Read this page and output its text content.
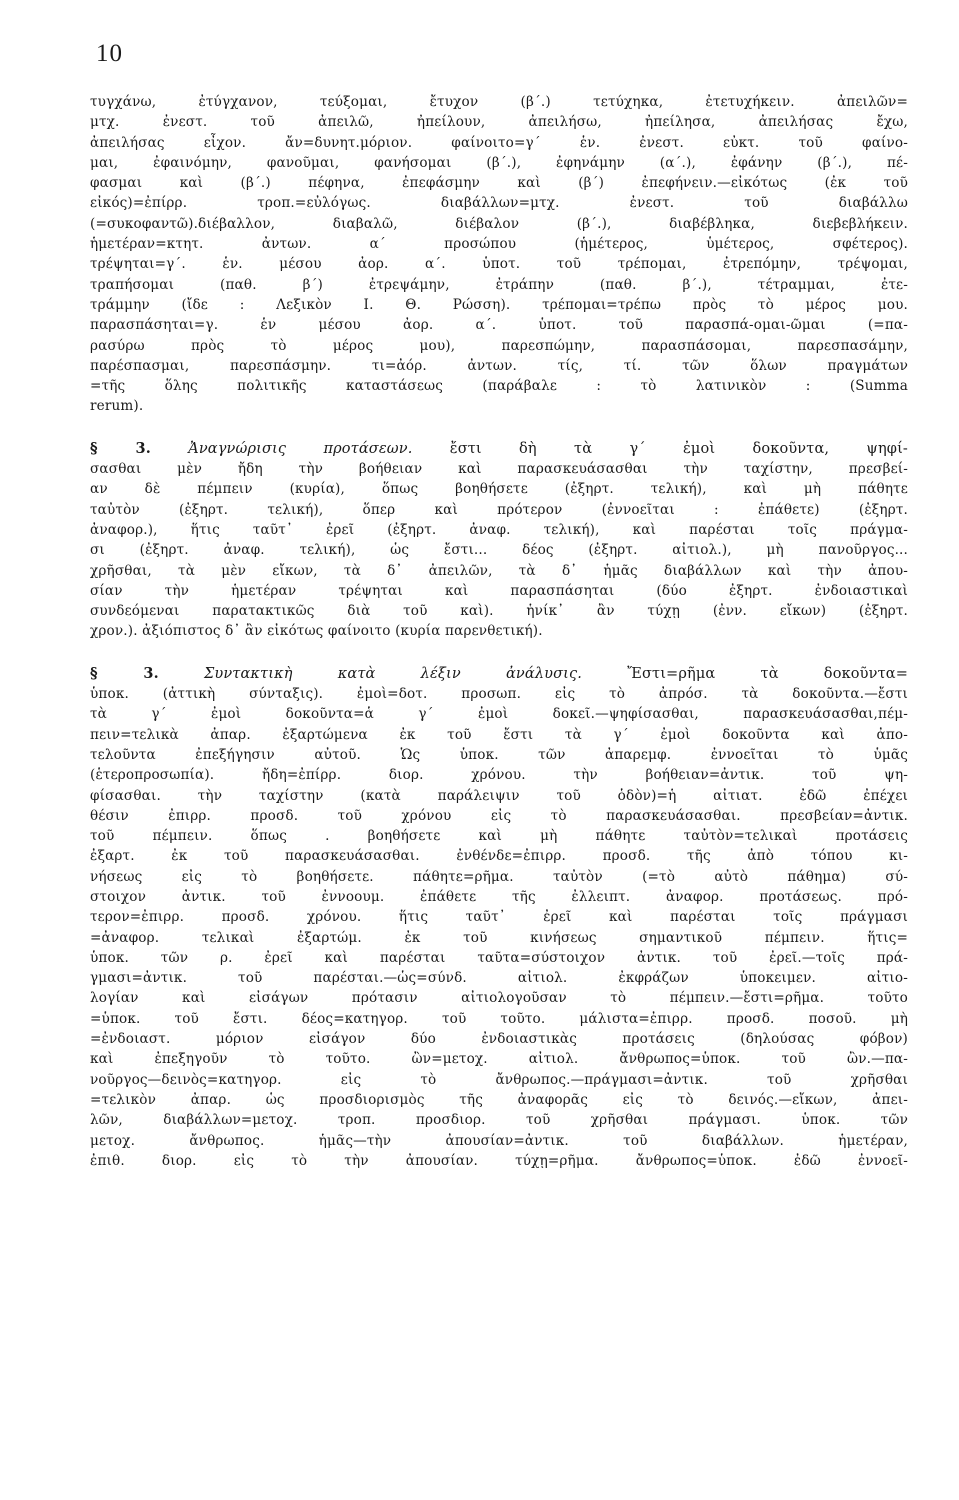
10
τυγχάνω, ἐτύγχανον, τεύξομαι, ἔτυχον (β΄.) τετύχηκα, ἐτετυχήκειν. ἀπειλῶν=
μτχ. ἐνεστ. τοῦ ἀπειλῶ, ἠπείλουν, ἀπειλήσω, ἠπείλησα, ἀπειλήσας ἔχω,
ἀπειλήσας εἶχον. ἄν=δυνητ.μόριον. φαίνοιτο=γ΄ ἑν. ἐνεστ. εὐκτ. τοῦ φαίνο-
μαι, ἐφαινόμην, φανοῦμαι, φανήσομαι (β΄.), ἐφηνάμην (α΄.), ἐφάνην (β΄.), πέ-
φασμαι καὶ (β΄.) πέφηνα, ἐπεφάσμην καὶ (β΄) ἐπεφήνειν.—εἰκότως (ἐκ τοῦ
εἰκός)=ἐπίρρ. τροπ.=εὐλόγως. διαβάλλων=μτχ. ἐνεστ. τοῦ διαβάλλω
(=συκοφαντῶ).διέβαλλον, διαβαλῶ, διέβαλον (β΄.), διαβέβληκα, διεβεβλήκειν.
ἡμετέραν=κτητ. ἀντων. α΄ προσώπου (ἡμέτερος, ὑμέτερος, σφέτερος).
τρέψηται=γ΄. ἑν. μέσου ἀορ. α΄. ὑποτ. τοῦ τρέπομαι, ἐτρεπόμην, τρέψομαι,
τραπήσομαι (παθ. β΄) ἐτρεψάμην, ἐτράπην (παθ. β΄.), τέτραμμαι, ἐτε-
τράμμην (ἴδε : Λεξικὸν Ι. Θ. Ρώσση). τρέπομαι=τρέπω πρὸς τὸ μέρος μου.
παρασπάσηται=γ. ἑν μέσου ἀορ. α΄. ὑποτ. τοῦ παρασπά-ομαι-ῶμαι (=πα-
ρασύρω πρὸς τὸ μέρος μου), παρεσπώμην, παρασπάσομαι, παρεσπασάμην,
παρέσπασμαι, παρεσπάσμην. τι=ἀόρ. ἀντων. τίς, τί. τῶν ὅλων πραγμάτων
=τῆς ὅλης πολιτικῆς καταστάσεως (παράβαλε : τὸ λατινικὸν : (Summa
rerum).
§ 3.	Ἀναγνώρισις προτάσεων.	ἔστι δὴ τὰ γ΄ ἐμοὶ δοκοῦντα, ψηφί-
σασθαι μὲν ἤδη τὴν βοήθειαν καὶ παρασκευάσασθαι τὴν ταχίστην, πρεσβεί-
αν δὲ πέμπειν (κυρία), ὅπως βοηθήσετε (ἐξηρτ. τελική), καὶ μὴ πάθητε
ταὐτὸν (ἐξηρτ. τελική), ὅπερ καὶ πρότερον (ἐννοεῖται : ἐπάθετε) (ἐξηρτ.
ἀναφορ.), ἥτις ταῦτ᾽ ἐρεῖ (ἐξηρτ. ἀναφ. τελική), καὶ παρέσται τοῖς πράγμα-
σι (ἐξηρτ. ἀναφ. τελική), ὡς ἔστι... δέος (ἐξηρτ. αἰτιολ.), μὴ πανοῦργος...
χρῆσθαι, τὰ μὲν εἴκων, τὰ δ᾽ ἀπειλῶν, τὰ δ᾽ ἡμᾶς διαβάλλων καὶ τὴν ἀπου-
σίαν τὴν ἡμετέραν τρέψηται καὶ παρασπάσηται (δύο ἐξηρτ. ἐνδοιαστικαὶ
συνδεόμεναι παρατακτικῶς διὰ τοῦ καὶ). ἡνίκ᾽ ἂν τύχῃ (ἐνν. εἴκων) (ἐξηρτ.
χρον.). ἀξιόπιστος δ᾽ ἂν εἰκότως φαίνοιτο (κυρία παρενθετική).
§ 3.	Συντακτικὴ κατὰ λέξιν ἀνάλυσις.	Ἔστι=ρῆμα τὰ δοκοῦντα=
ὑποκ. (ἀττικὴ σύνταξις). ἐμοὶ=δοτ. προσωπ. εἰς τὸ ἀπρόσ. τὰ δοκοῦντα.—ἔστι
τὰ γ΄ ἐμοὶ δοκοῦντα=ἁ γ΄ ἐμοὶ δοκεῖ.—ψηφίσασθαι, παρασκευάσασθαι,πέμ-
πειν=τελικὰ ἀπαρ. ἐξαρτώμενα ἐκ τοῦ ἔστι τὰ γ΄ ἐμοὶ δοκοῦντα καὶ ἀπο-
τελοῦντα ἐπεξήγησιν αὐτοῦ. Ὡς ὑποκ. τῶν ἀπαρεμφ. ἐννοεῖται τὸ ὑμᾶς
(ἑτεροπροσωπία). ἤδη=ἐπίρρ. διορ. χρόνου. τὴν βοήθειαν=ἀντικ. τοῦ ψη-
φίσασθαι. τὴν ταχίστην (κατὰ παράλειψιν τοῦ ὁδὸν)=ἡ αἰτιατ. ἐδῶ ἐπέχει
θέσιν ἐπιρρ. προσδ. τοῦ χρόνου εἰς τὸ παρασκευάσασθαι. πρεσβείαν=ἀντικ.
τοῦ πέμπειν. ὅπως . βοηθήσετε καὶ μὴ πάθητε ταὐτὸν=τελικαὶ προτάσεις
ἐξαρτ. ἐκ τοῦ παρασκευάσασθαι. ἐνθένδε=ἐπιρρ. προσδ. τῆς ἀπὸ τόπου κι-
νήσεως εἰς τὸ βοηθήσετε. πάθητε=ρῆμα. ταὐτὸν (=τὸ αὐτὸ πάθημα) σύ-
στοιχον ἀντικ. τοῦ ἐννοουμ. ἐπάθετε τῆς ἐλλειπτ. ἀναφορ. προτάσεως. πρό-
τερον=ἐπιρρ. προσδ. χρόνου. ἥτις ταῦτ᾽ ἐρεῖ καὶ παρέσται τοῖς πράγμασι
=ἀναφορ. τελικαὶ ἐξαρτώμ. ἐκ τοῦ κινήσεως σημαντικοῦ πέμπειν. ἥτις=
ὑποκ. τῶν ρ. ἐρεῖ καὶ παρέσται ταῦτα=σύστοιχον ἀντικ. τοῦ ἐρεῖ.—τοῖς πρά-
γμασι=ἀντικ. τοῦ παρέσται.—ὡς=σύνδ. αἰτιολ. ἐκφράζων ὑποκειμεν. αἰτιο-
λογίαν καὶ εἰσάγων πρότασιν αἰτιολογοῦσαν τὸ πέμπειν.—ἔστι=ρῆμα. τοῦτο
=ὑποκ. τοῦ ἔστι. δέος=κατηγορ. τοῦ τοῦτο. μάλιστα=ἐπιρρ. προσδ. ποσοῦ. μὴ
=ἐνδοιαστ. μόριον εἰσάγον δύο ἐνδοιαστικὰς προτάσεις (δηλούσας φόβον)
καὶ ἐπεξηγοῦν τὸ τοῦτο. ὢν=μετοχ. αἰτιολ. ἄνθρωπος=ὑποκ. τοῦ ὢν.—πα-
νοῦργος—δεινὸς=κατηγορ. εἰς τὸ ἄνθρωπος.—πράγμασι=ἀντικ. τοῦ χρῆσθαι
=τελικὸν ἀπαρ. ὡς προσδιορισμὸς τῆς ἀναφορᾶς εἰς τὸ δεινός.—εἴκων, ἀπει-
λῶν, διαβάλλων=μετοχ. τροπ. προσδιορ. τοῦ χρῆσθαι πράγμασι. ὑποκ. τῶν
μετοχ. ἄνθρωπος. ἡμᾶς—τὴν ἀπουσίαν=ἀντικ. τοῦ διαβάλλων. ἡμετέραν,
ἐπιθ. διορ. εἰς τὸ τὴν ἀπουσίαν. τύχῃ=ρῆμα. ἄνθρωπος=ὑποκ. ἐδῶ ἐννοεῖ-
